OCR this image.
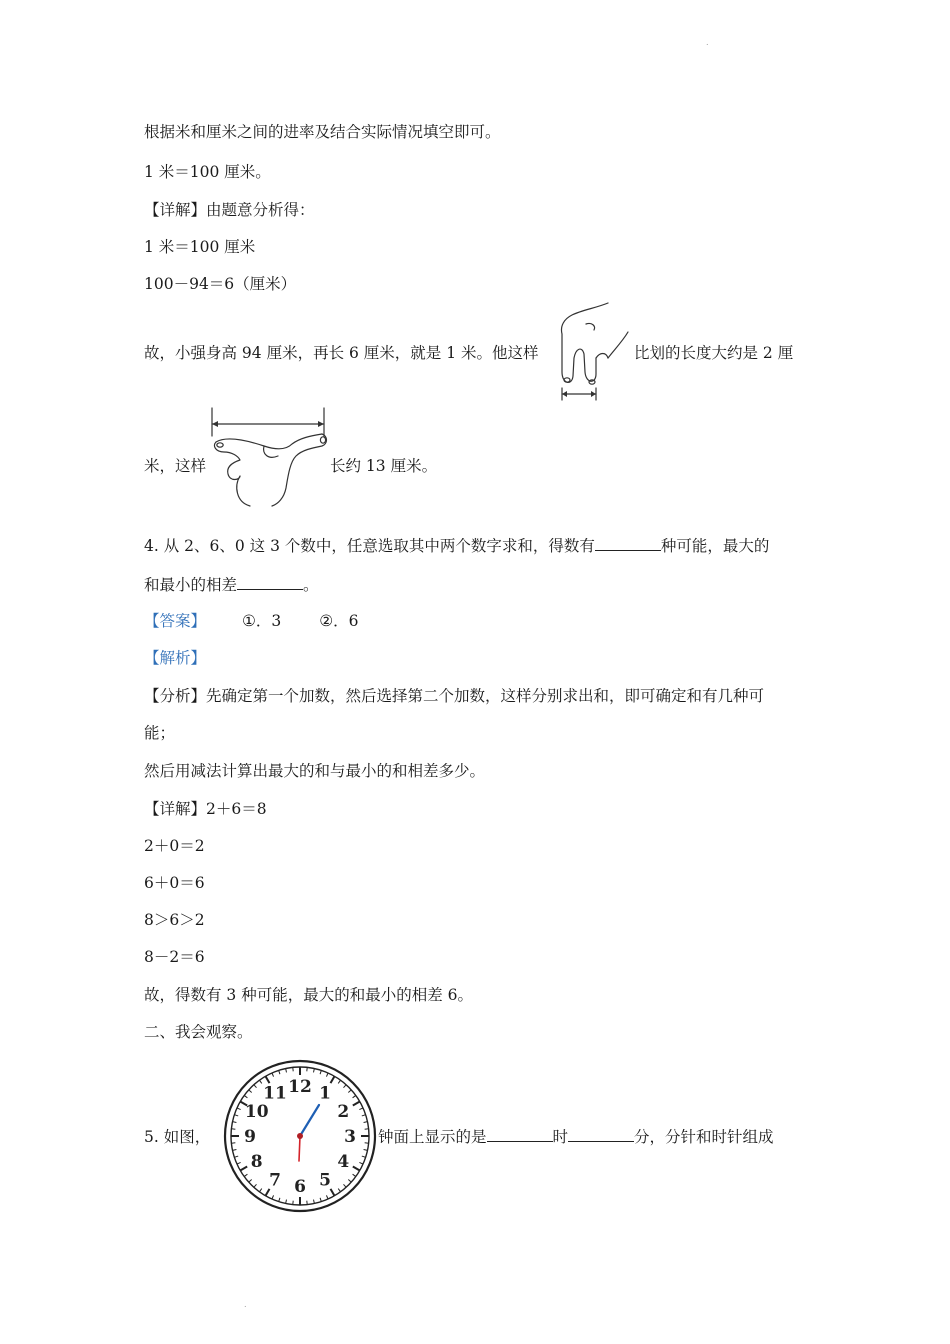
根据米和厘米之间的进率及结合实际情况填空即可。
1 米＝100 厘米。
【详解】由题意分析得：
1 米＝100 厘米
100－94＝6（厘米）
故，小强身高 94 厘米，再长 6 厘米，就是 1 米。他这样	比划的长度大约是 2 厘
米，这样	长约 13 厘米。
4. 从 2、6、0 这 3 个数中，任意选取其中两个数字求和，得数有	种可能，最大的
和最小的相差	。
【答案】 ①．3 ②．6
【解析】
【分析】先确定第一个加数，然后选择第二个加数，这样分别求出和，即可确定和有几种可
能；
然后用减法计算出最大的和与最小的和相差多少。
【详解】2＋6＝8
2＋0＝2
6＋0＝6
8＞6＞2
8－2＝6
故，得数有 3 种可能，最大的和最小的相差 6。
二、我会观察。
5. 如图，
12 1
2
3
4
5
6
7
8
9
10
11
钟面上显示的是	时	分，分针和时针组成
.
.
